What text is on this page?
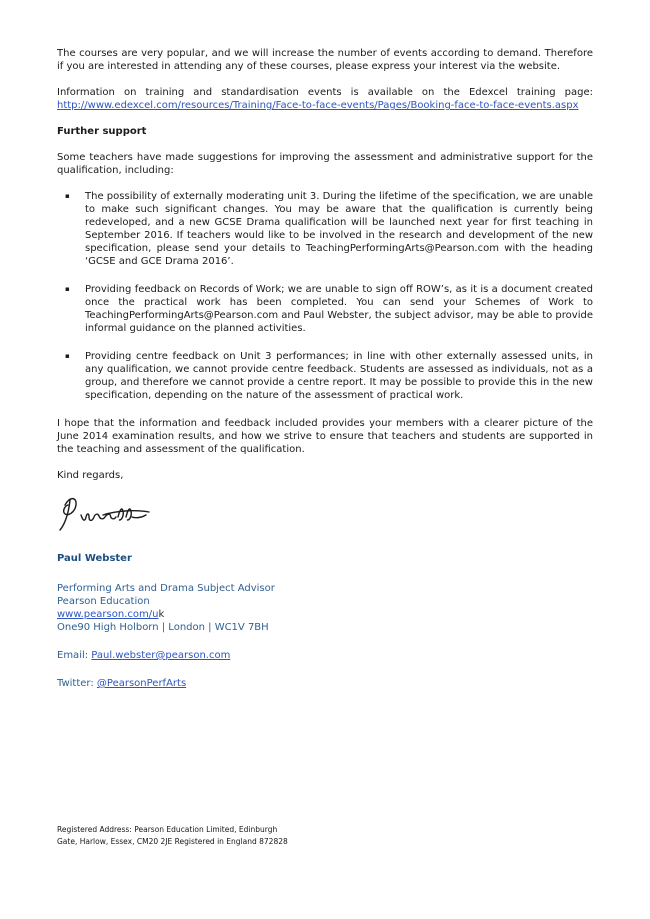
The courses are very popular, and we will increase the number of events according to demand. Therefore if you are interested in attending any of these courses, please express your interest via the website.

Information on training and standardisation events is available on the Edexcel training page: http://www.edexcel.com/resources/Training/Face-to-face-events/Pages/Booking-face-to-face-events.aspx

Further support

Some teachers have made suggestions for improving the assessment and administrative support for the qualification, including:

▪ The possibility of externally moderating unit 3. During the lifetime of the specification, we are unable to make such significant changes. You may be aware that the qualification is currently being redeveloped, and a new GCSE Drama qualification will be launched next year for first teaching in September 2016. If teachers would like to be involved in the research and development of the new specification, please send your details to TeachingPerformingArts@Pearson.com with the heading ‘GCSE and GCE Drama 2016’.
▪ Providing feedback on Records of Work; we are unable to sign off ROW’s, as it is a document created once the practical work has been completed. You can send your Schemes of Work to TeachingPerformingArts@Pearson.com and Paul Webster, the subject advisor, may be able to provide informal guidance on the planned activities.
▪ Providing centre feedback on Unit 3 performances; in line with other externally assessed units, in any qualification, we cannot provide centre feedback. Students are assessed as individuals, not as a group, and therefore we cannot provide a centre report. It may be possible to provide this in the new specification, depending on the nature of the assessment of practical work.

I hope that the information and feedback included provides your members with a clearer picture of the June 2014 examination results, and how we strive to ensure that teachers and students are supported in the teaching and assessment of the qualification.

Kind regards,

Paul Webster
Performing Arts and Drama Subject Advisor
Pearson Education
www.pearson.com/uk
One90 High Holborn | London | WC1V 7BH
Email: Paul.webster@pearson.com
Twitter: @PearsonPerfArts
Registered Address: Pearson Education Limited, Edinburgh
Gate, Harlow, Essex, CM20 2JE Registered in England 872828
